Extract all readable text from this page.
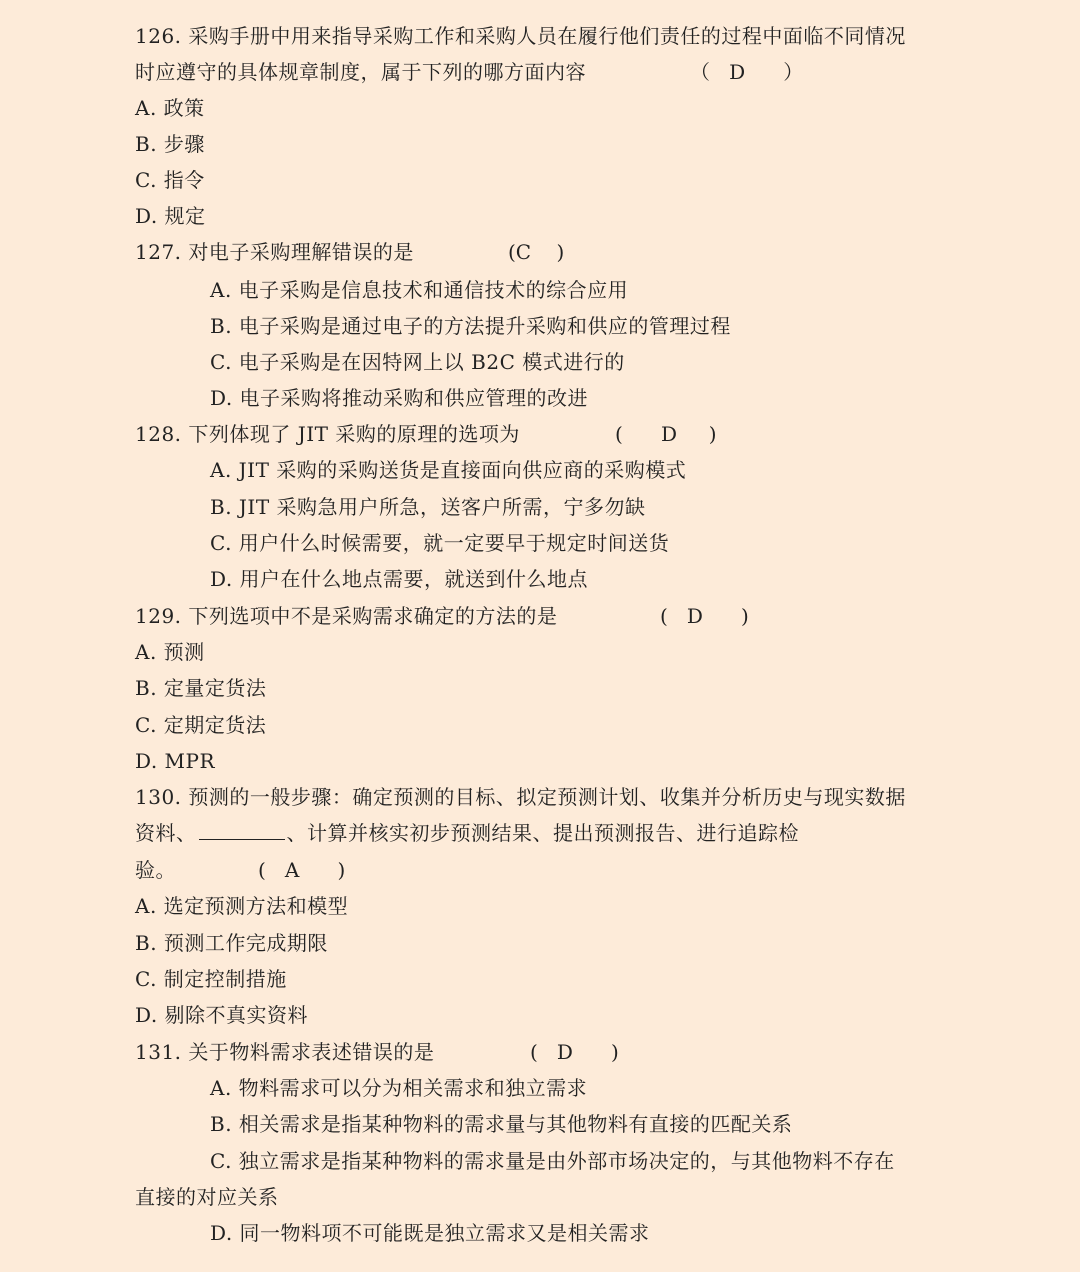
126. 采购手册中用来指导采购工作和采购人员在履行他们责任的过程中面临不同情况
时应遵守的具体规章制度，属于下列的哪方面内容	（   D      ）
A. 政策
B. 步骤
C. 指令
D. 规定
127. 对电子采购理解错误的是	(C    )
A. 电子采购是信息技术和通信技术的综合应用
B. 电子采购是通过电子的方法提升采购和供应的管理过程
C. 电子采购是在因特网上以 B2C 模式进行的
D. 电子采购将推动采购和供应管理的改进
128. 下列体现了 JIT 采购的原理的选项为	(      D     )
A. JIT 采购的采购送货是直接面向供应商的采购模式
B. JIT 采购急用户所急，送客户所需，宁多勿缺
C. 用户什么时候需要，就一定要早于规定时间送货
D. 用户在什么地点需要，就送到什么地点
129. 下列选项中不是采购需求确定的方法的是	(   D      )
A. 预测
B. 定量定货法
C. 定期定货法
D. MPR
130. 预测的一般步骤：确定预测的目标、拟定预测计划、收集并分析历史与现实数据
资料、	、计算并核实初步预测结果、提出预测报告、进行追踪检
验。	(   A      )
A. 选定预测方法和模型
B. 预测工作完成期限
C. 制定控制措施
D. 剔除不真实资料
131. 关于物料需求表述错误的是	(   D      )
A. 物料需求可以分为相关需求和独立需求
B. 相关需求是指某种物料的需求量与其他物料有直接的匹配关系
C. 独立需求是指某种物料的需求量是由外部市场决定的，与其他物料不存在
直接的对应关系
D. 同一物料项不可能既是独立需求又是相关需求
